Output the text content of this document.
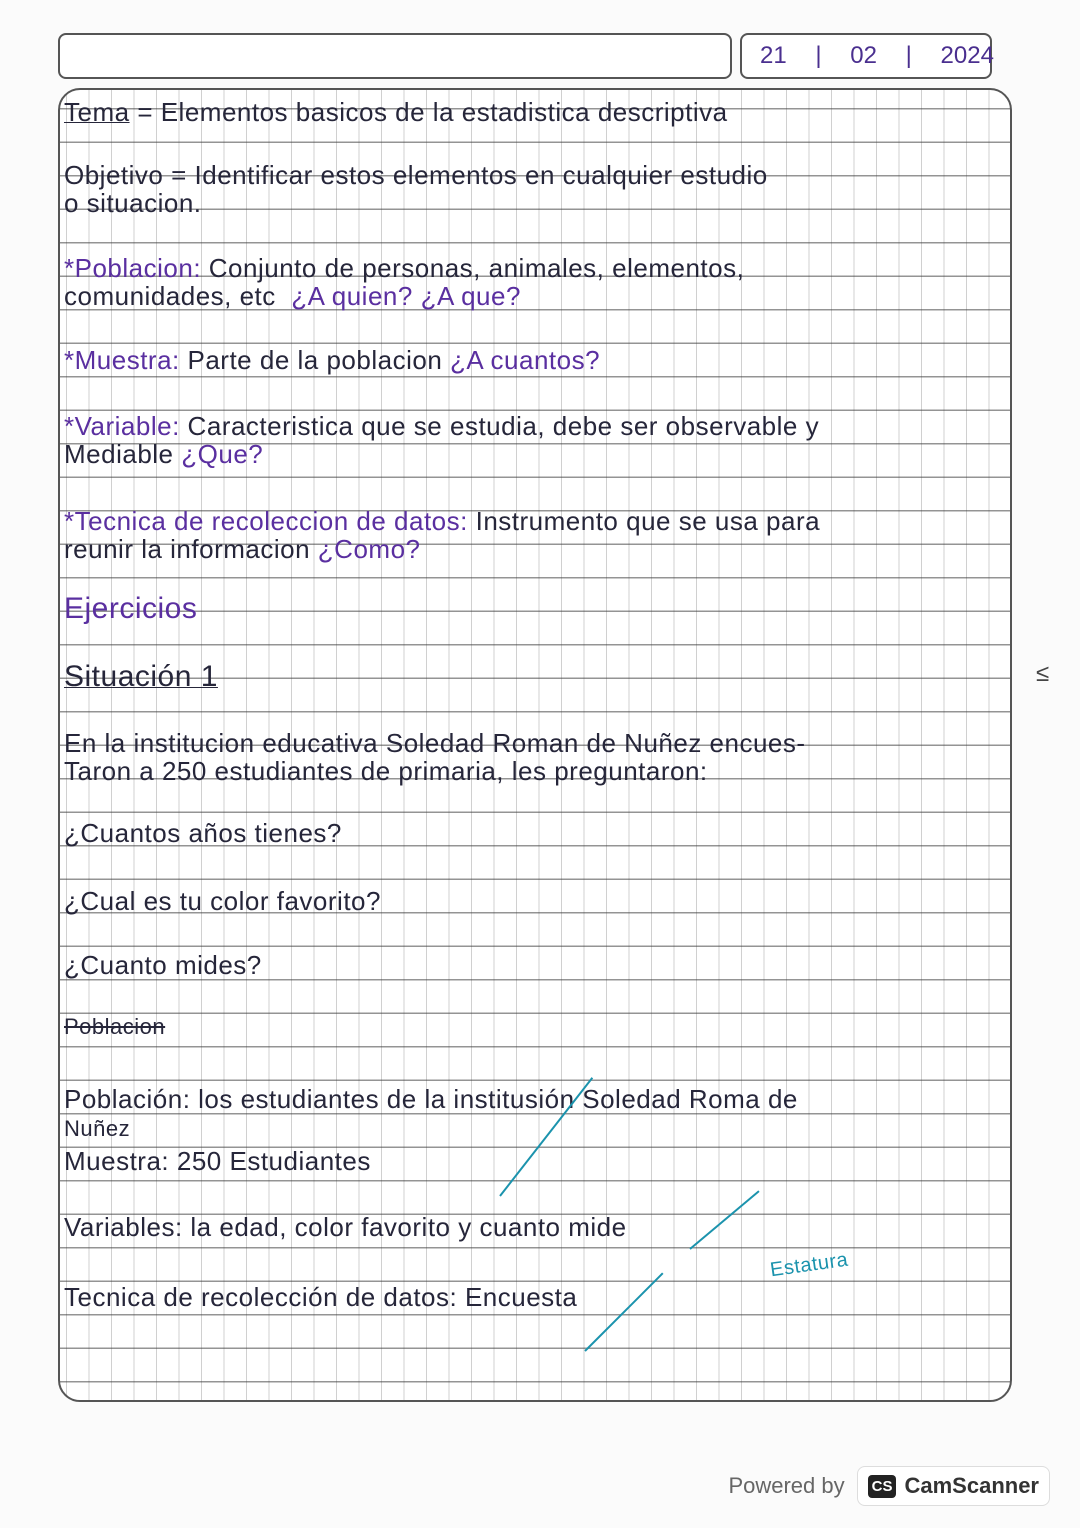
21 | 02 | 2024
Tema = Elementos basicos de la estadistica descriptiva
Objetivo = Identificar estos elementos en cualquier estudio
o situacion.
*Poblacion: Conjunto de personas, animales, elementos,
comunidades, etc ¿A quien? ¿A que?
*Muestra: Parte de la poblacion ¿A cuantos?
*Variable: Caracteristica que se estudia, debe ser observable y
Mediable ¿Que?
*Tecnica de recoleccion de datos: Instrumento que se usa para
reunir la informacion ¿Como?
Ejercicios
Situación 1
En la institucion educativa Soledad Roman de Nuñez encues-
Taron a 250 estudiantes de primaria, les preguntaron:
¿Cuantos años tienes?
¿Cual es tu color favorito?
¿Cuanto mides?
Poblacion
Población: los estudiantes de la institusión Soledad Roma de
Nuñez
Muestra: 250 Estudiantes
Variables: la edad, color favorito y cuanto mide
Estatura
Tecnica de recolección de datos: Encuesta
≤
Powered by CS CamScanner
